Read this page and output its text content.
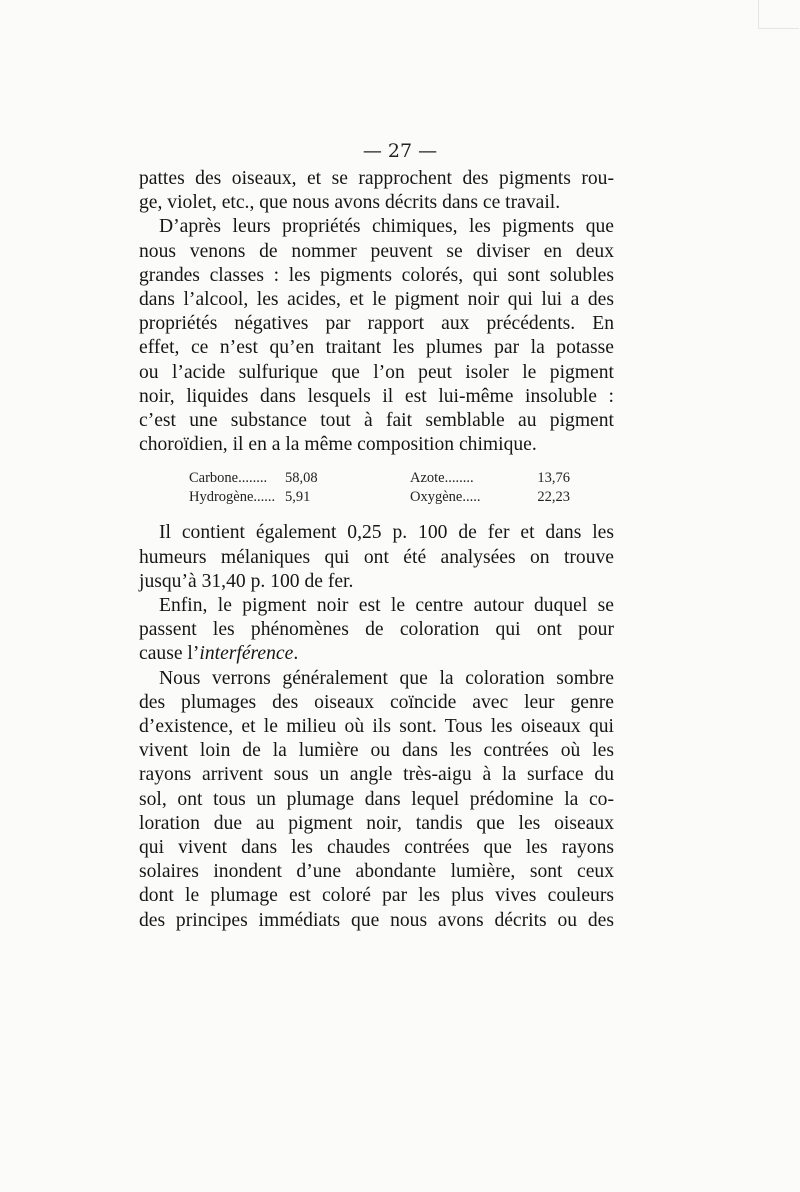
— 27 —

pattes des oiseaux, et se rapprochent des pigments rou-

ge, violet, etc., que nous avons décrits dans ce travail.

D’après leurs propriétés chimiques, les pigments que

nous venons de nommer peuvent se diviser en deux

grandes classes : les pigments colorés, qui sont solubles

dans l’alcool, les acides, et le pigment noir qui lui a des

propriétés négatives par rapport aux précédents. En

effet, ce n’est qu’en traitant les plumes par la potasse

ou l’acide sulfurique que l’on peut isoler le pigment

noir, liquides dans lesquels il est lui-même insoluble :

c’est une substance tout à fait semblable au pigment

choroïdien, il en a la même composition chimique.

Carbone........	58,08	Azote........	13,76
Hydrogène...... 5,91	Oxygène.....	22,23

Il contient également 0,25 p. 100 de fer et dans les

humeurs mélaniques qui ont été analysées on trouve

jusqu’à 31,40 p. 100 de fer.

Enfin, le pigment noir est le centre autour duquel se

passent les phénomènes de coloration qui ont pour

cause l’interférence.

Nous verrons généralement que la coloration sombre

des plumages des oiseaux coïncide avec leur genre

d’existence, et le milieu où ils sont. Tous les oiseaux qui

vivent loin de la lumière ou dans les contrées où les

rayons arrivent sous un angle très-aigu à la surface du

sol, ont tous un plumage dans lequel prédomine la co-

loration due au pigment noir, tandis que les oiseaux

qui vivent dans les chaudes contrées que les rayons

solaires inondent d’une abondante lumière, sont ceux

dont le plumage est coloré par les plus vives couleurs

des principes immédiats que nous avons décrits ou des
